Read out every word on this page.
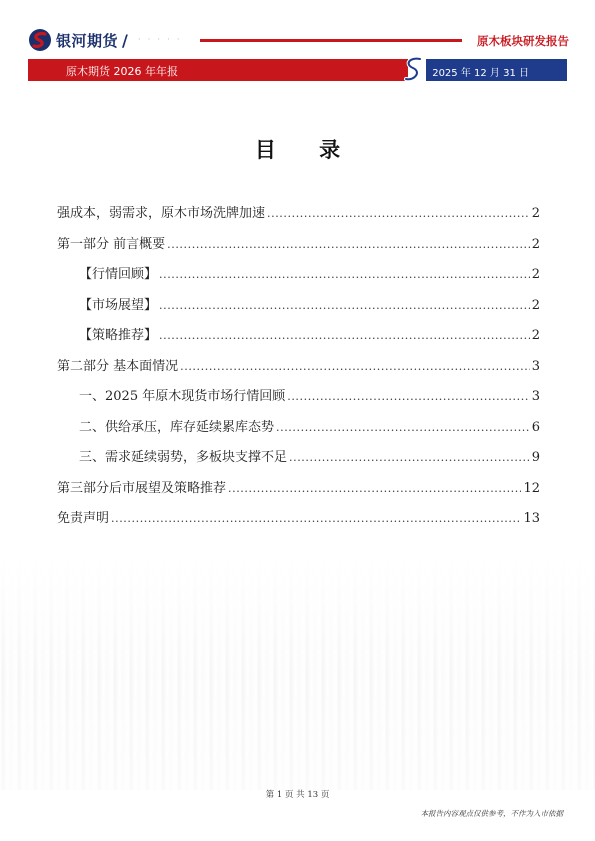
银河期货 / · · · · ·	原木板块研发报告
原木期货 2026 年年报	2025 年 12 月 31 日
目 录
强成本，弱需求，原木市场洗牌加速 .....	2
第一部分 前言概要 .....	2
【行情回顾】 .....	2
【市场展望】 .....	2
【策略推荐】 .....	2
第二部分 基本面情况 .....	3
一、2025 年原木现货市场行情回顾 .....	3
二、供给承压，库存延续累库态势 .....	6
三、需求延续弱势，多板块支撑不足 .....	9
第三部分后市展望及策略推荐 .....	12
免责声明 .....	13
第 1 页 共 13 页
本报告内容观点仅供参考，不作为入市依据
